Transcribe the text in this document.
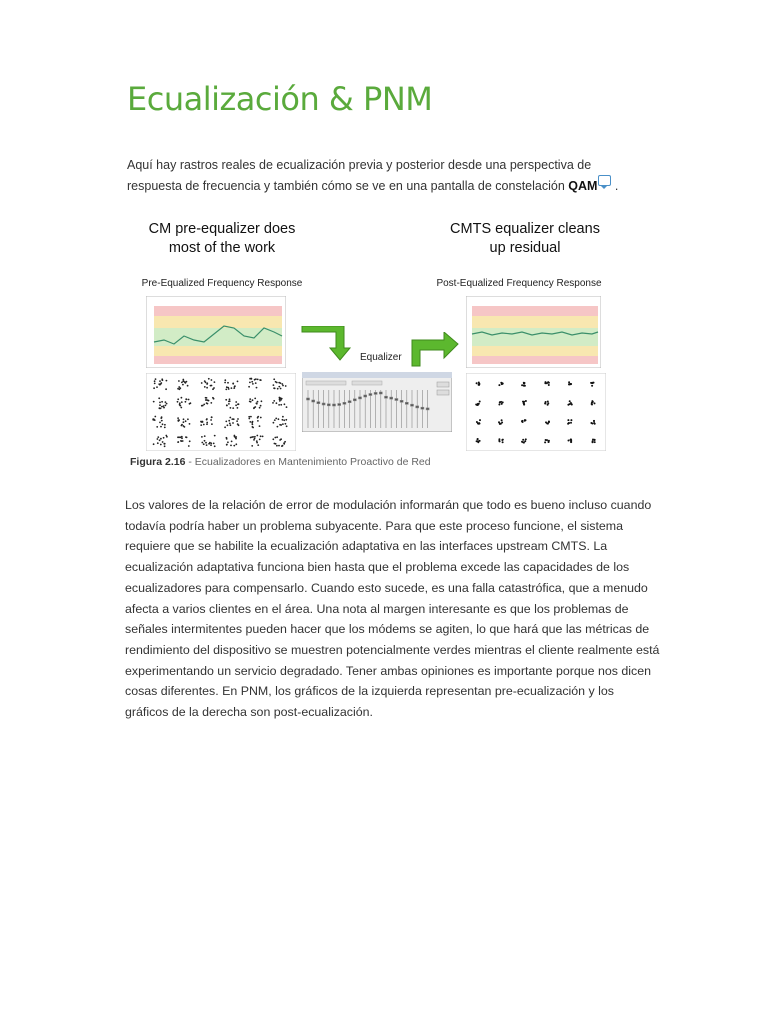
Ecualización & PNM
Aquí hay rastros reales de ecualización previa y posterior desde una perspectiva de respuesta de frecuencia y también cómo se ve en una pantalla de constelación QAM .
CM pre-equalizer does
most of the work
CMTS equalizer cleans
up residual
Pre-Equalized Frequency Response	Post-Equalized Frequency Response
Equalizer
Figura 2.16 - Ecualizadores en Mantenimiento Proactivo de Red

Los valores de la relación de error de modulación informarán que todo es bueno incluso cuando todavía podría haber un problema subyacente. Para que este proceso funcione, el sistema requiere que se habilite la ecualización adaptativa en las interfaces upstream CMTS. La ecualización adaptativa funciona bien hasta que el problema excede las capacidades de los ecualizadores para compensarlo. Cuando esto sucede, es una falla catastrófica, que a menudo afecta a varios clientes en el área. Una nota al margen interesante es que los problemas de señales intermitentes pueden hacer que los módems se agiten, lo que hará que las métricas de rendimiento del dispositivo se muestren potencialmente verdes mientras el cliente realmente está experimentando un servicio degradado. Tener ambas opiniones es importante porque nos dicen cosas diferentes. En PNM, los gráficos de la izquierda representan pre-ecualización y los gráficos de la derecha son post-ecualización.
